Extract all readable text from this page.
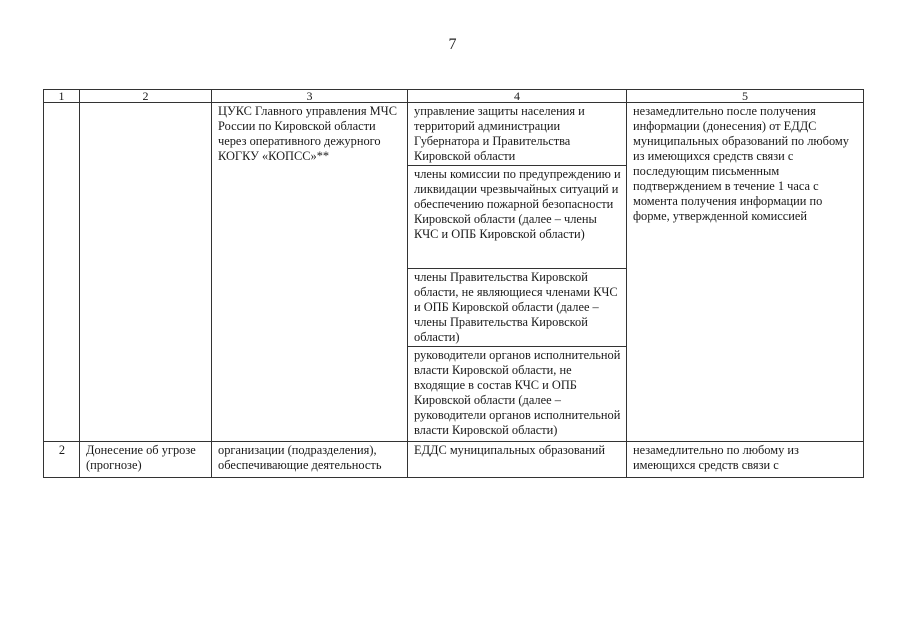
7
1	2	3	4	5
		ЦУКС Главного управления МЧС России по Кировской области через оперативного дежурного КОГКУ «КОПСС»**	управление защиты населения и территорий администрации Губернатора и Правительства Кировской области	незамедлительно после получения информации (донесения) от ЕДДС муниципальных образований по любому из имеющихся средств связи с последующим письменным подтверждением в течение 1 часа с момента получения информации по форме, утвержденной комиссией
			члены комиссии по предупреждению и ликвидации чрезвычайных ситуаций и обеспечению пожарной безопасности Кировской области (далее – члены КЧС и ОПБ Кировской области)	
			члены Правительства Кировской области, не являющиеся членами КЧС и ОПБ Кировской области (далее – члены Правительства Кировской области)	
			руководители органов исполнительной власти Кировской области, не входящие в состав КЧС и ОПБ Кировской области (далее – руководители органов исполнительной власти Кировской области)	
2	Донесение об угрозе (прогнозе)	организации (подразделения), обеспечивающие деятельность	ЕДДС муниципальных образований	незамедлительно по любому из имеющихся средств связи с
